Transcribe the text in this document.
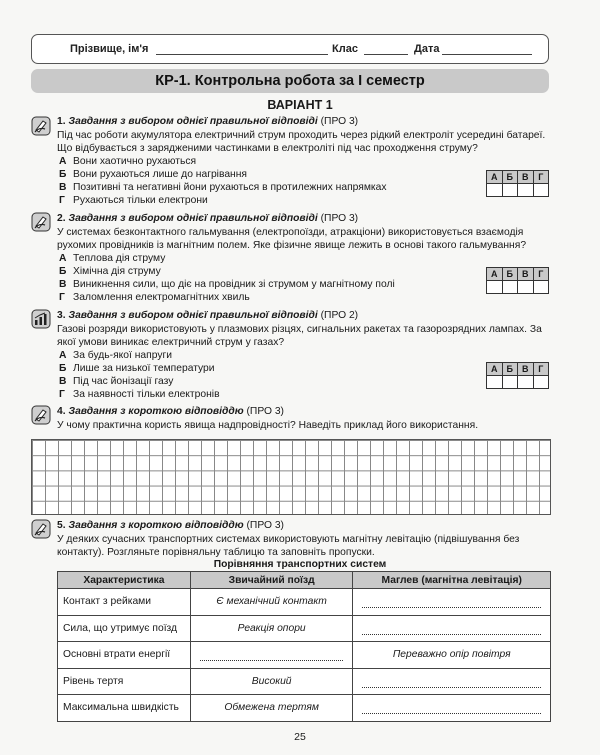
Прізвище, ім'я	Клас	Дата
КР-1. Контрольна робота за І семестр
ВАРІАНТ 1
1. Завдання з вибором однієї правильної відповіді (ПРО 3)
Під час роботи акумулятора електричний струм проходить через рідкий електроліт усередині батареї. Що відбувається з зарядженими частинками в електроліті під час проходження струму?
А Вони хаотично рухаються
Б Вони рухаються лише до нагрівання
В Позитивні та негативні йони рухаються в протилежних напрямках
Г Рухаються тільки електрони
А	Б	В	Г

2. Завдання з вибором однієї правильної відповіді (ПРО 3)
У системах безконтактного гальмування (електропоїзди, атракціони) використовується взаємодія рухомих провідників із магнітним полем. Яке фізичне явище лежить в основі такого гальмування?
А Теплова дія струму
Б Хімічна дія струму
В Виникнення сили, що діє на провідник зі струмом у магнітному полі
Г Заломлення електромагнітних хвиль
А	Б	В	Г

3. Завдання з вибором однієї правильної відповіді (ПРО 2)
Газові розряди використовують у плазмових різцях, сигнальних ракетах та газорозрядних лампах. За якої умови виникає електричний струм у газах?
А За будь-якої напруги
Б Лише за низької температури
В Під час йонізації газу
Г За наявності тільки електронів
А	Б	В	Г

4. Завдання з короткою відповіддю (ПРО 3)
У чому практична користь явища надпровідності? Наведіть приклад його використання.
5. Завдання з короткою відповіддю (ПРО 3)
У деяких сучасних транспортних системах використовують магнітну левітацію (підвішування без контакту). Розгляньте порівняльну таблицю та заповніть пропуски.
Порівняння транспортних систем
Характеристика	Звичайний поїзд	Маглев (магнітна левітація)
Контакт з рейками	Є механічний контакт	

Сила, що утримує поїзд	Реакція опори	

Основні втрати енергії		Переважно опір повітря
Рівень тертя	Високий	

Максимальна швидкість	Обмежена тертям	
25
